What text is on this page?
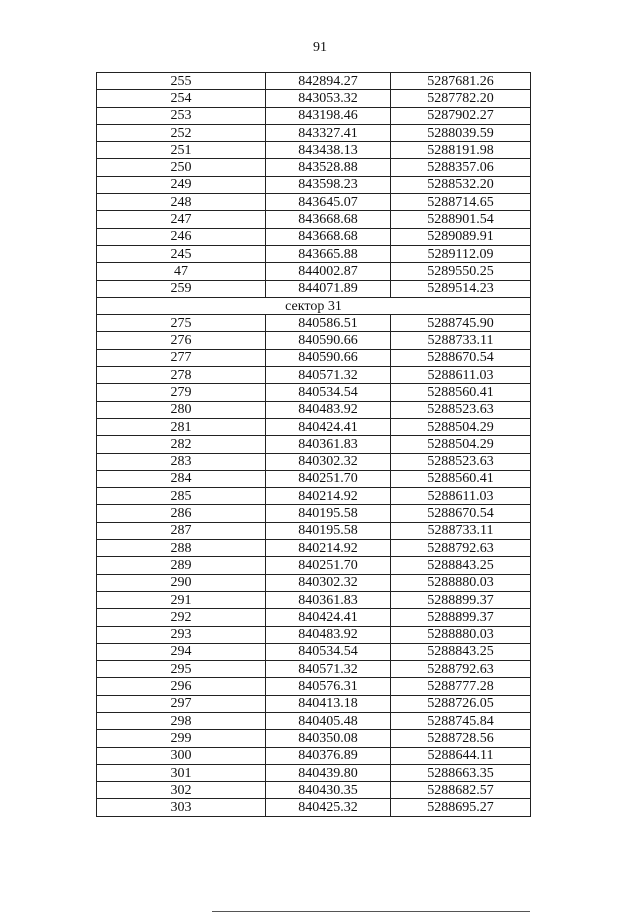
91
255	842894.27	5287681.26
254	843053.32	5287782.20
253	843198.46	5287902.27
252	843327.41	5288039.59
251	843438.13	5288191.98
250	843528.88	5288357.06
249	843598.23	5288532.20
248	843645.07	5288714.65
247	843668.68	5288901.54
246	843668.68	5289089.91
245	843665.88	5289112.09
47	844002.87	5289550.25
259	844071.89	5289514.23
сектор 31		
275	840586.51	5288745.90
276	840590.66	5288733.11
277	840590.66	5288670.54
278	840571.32	5288611.03
279	840534.54	5288560.41
280	840483.92	5288523.63
281	840424.41	5288504.29
282	840361.83	5288504.29
283	840302.32	5288523.63
284	840251.70	5288560.41
285	840214.92	5288611.03
286	840195.58	5288670.54
287	840195.58	5288733.11
288	840214.92	5288792.63
289	840251.70	5288843.25
290	840302.32	5288880.03
291	840361.83	5288899.37
292	840424.41	5288899.37
293	840483.92	5288880.03
294	840534.54	5288843.25
295	840571.32	5288792.63
296	840576.31	5288777.28
297	840413.18	5288726.05
298	840405.48	5288745.84
299	840350.08	5288728.56
300	840376.89	5288644.11
301	840439.80	5288663.35
302	840430.35	5288682.57
303	840425.32	5288695.27
